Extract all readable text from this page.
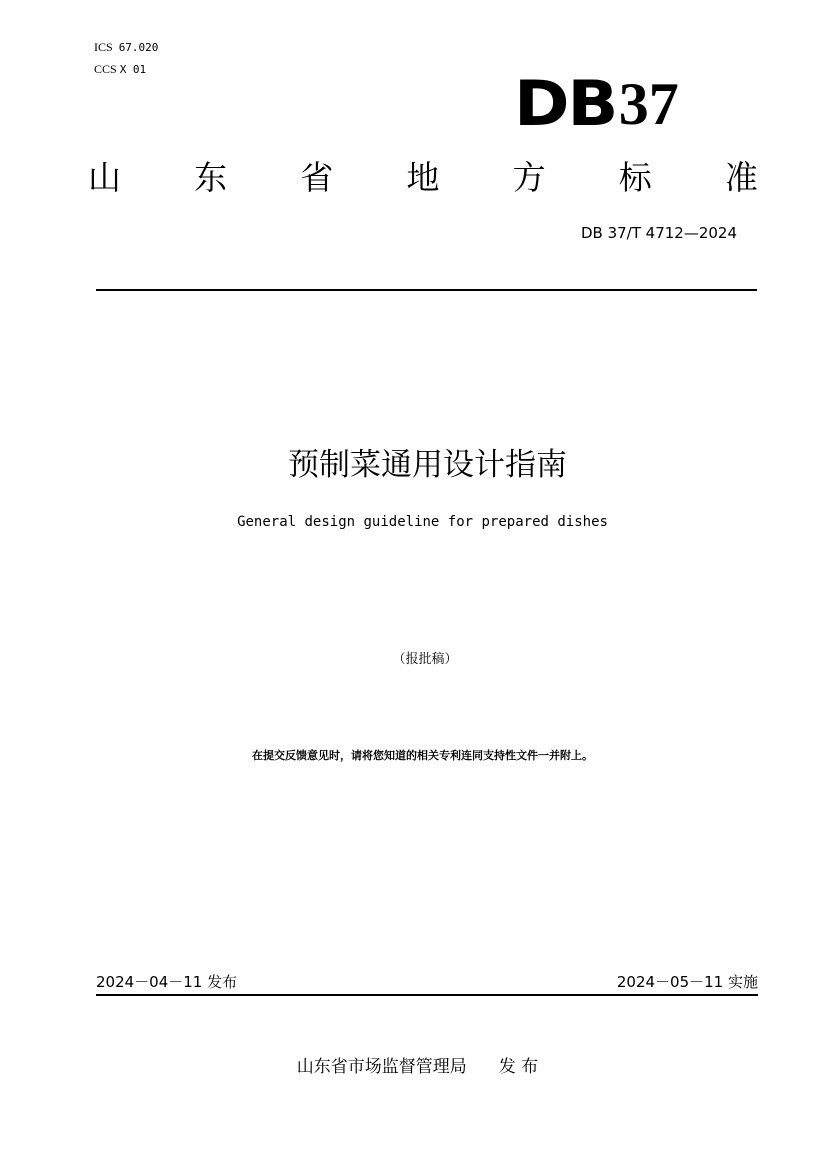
ICS 67.020
CCS X 01	DB 37
山 东 省 地 方 标 准
DB 37/T 4712—2024
预制菜通用设计指南
General design guideline for prepared dishes
（报批稿）
在提交反馈意见时，请将您知道的相关专利连同支持性文件一并附上。
2024－04－11 发布	2024－05－11 实施
山东省市场监督管理局 发 布
